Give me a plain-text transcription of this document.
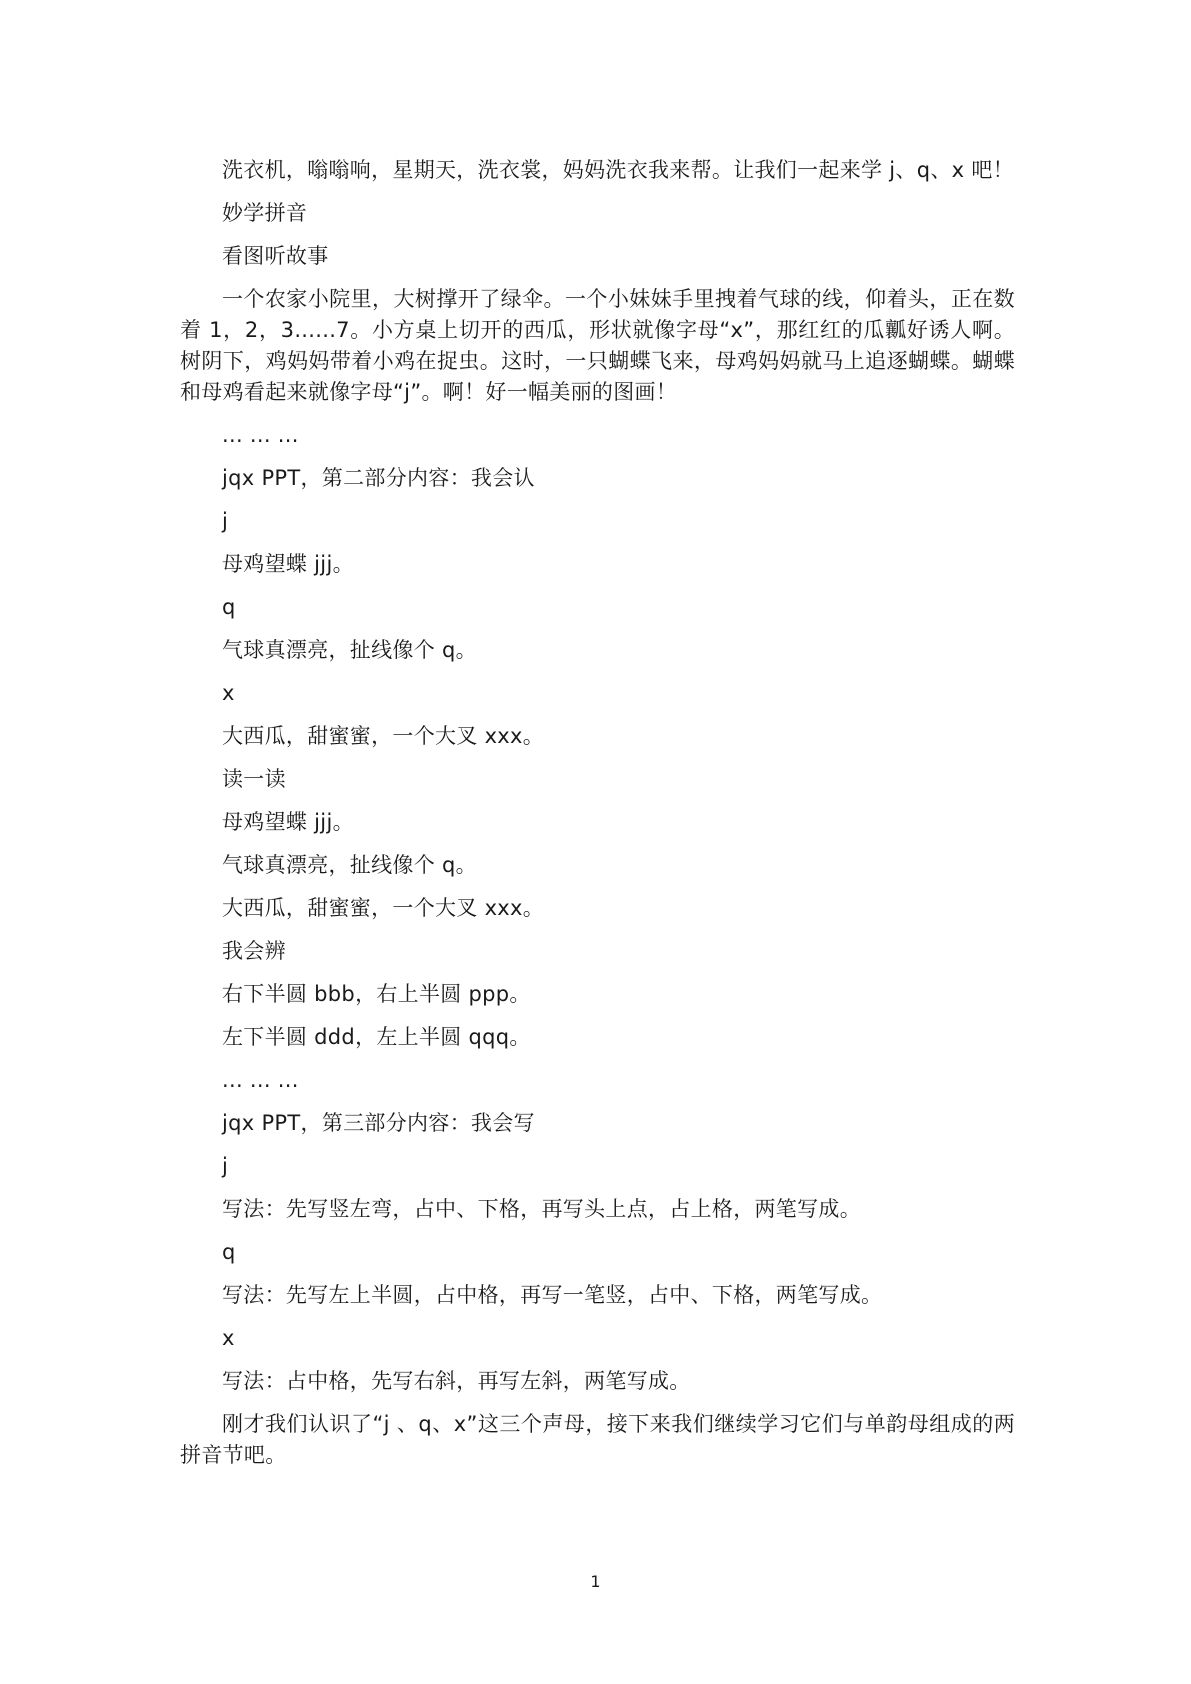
洗衣机，嗡嗡响，星期天，洗衣裳，妈妈洗衣我来帮。让我们一起来学 j、q、x 吧！

妙学拼音

看图听故事

一个农家小院里，大树撑开了绿伞。一个小妹妹手里拽着气球的线，仰着头，正在数着 1，2，3......7。小方桌上切开的西瓜，形状就像字母“x”，那红红的瓜瓤好诱人啊。树阴下，鸡妈妈带着小鸡在捉虫。这时，一只蝴蝶飞来，母鸡妈妈就马上追逐蝴蝶。蝴蝶和母鸡看起来就像字母“j”。啊！好一幅美丽的图画！

... ... ...

jqx PPT，第二部分内容：我会认

j

母鸡望蝶 jjj。

q

气球真漂亮，扯线像个 q。

x

大西瓜，甜蜜蜜，一个大叉 xxx。

读一读

母鸡望蝶 jjj。

气球真漂亮，扯线像个 q。

大西瓜，甜蜜蜜，一个大叉 xxx。

我会辨

右下半圆 bbb，右上半圆 ppp。

左下半圆 ddd，左上半圆 qqq。

... ... ...

jqx PPT，第三部分内容：我会写

j

写法：先写竖左弯，占中、下格，再写头上点，占上格，两笔写成。

q

写法：先写左上半圆，占中格，再写一笔竖，占中、下格，两笔写成。

x

写法：占中格，先写右斜，再写左斜，两笔写成。

刚才我们认识了“j 、q、x”这三个声母，接下来我们继续学习它们与单韵母组成的两拼音节吧。

1
